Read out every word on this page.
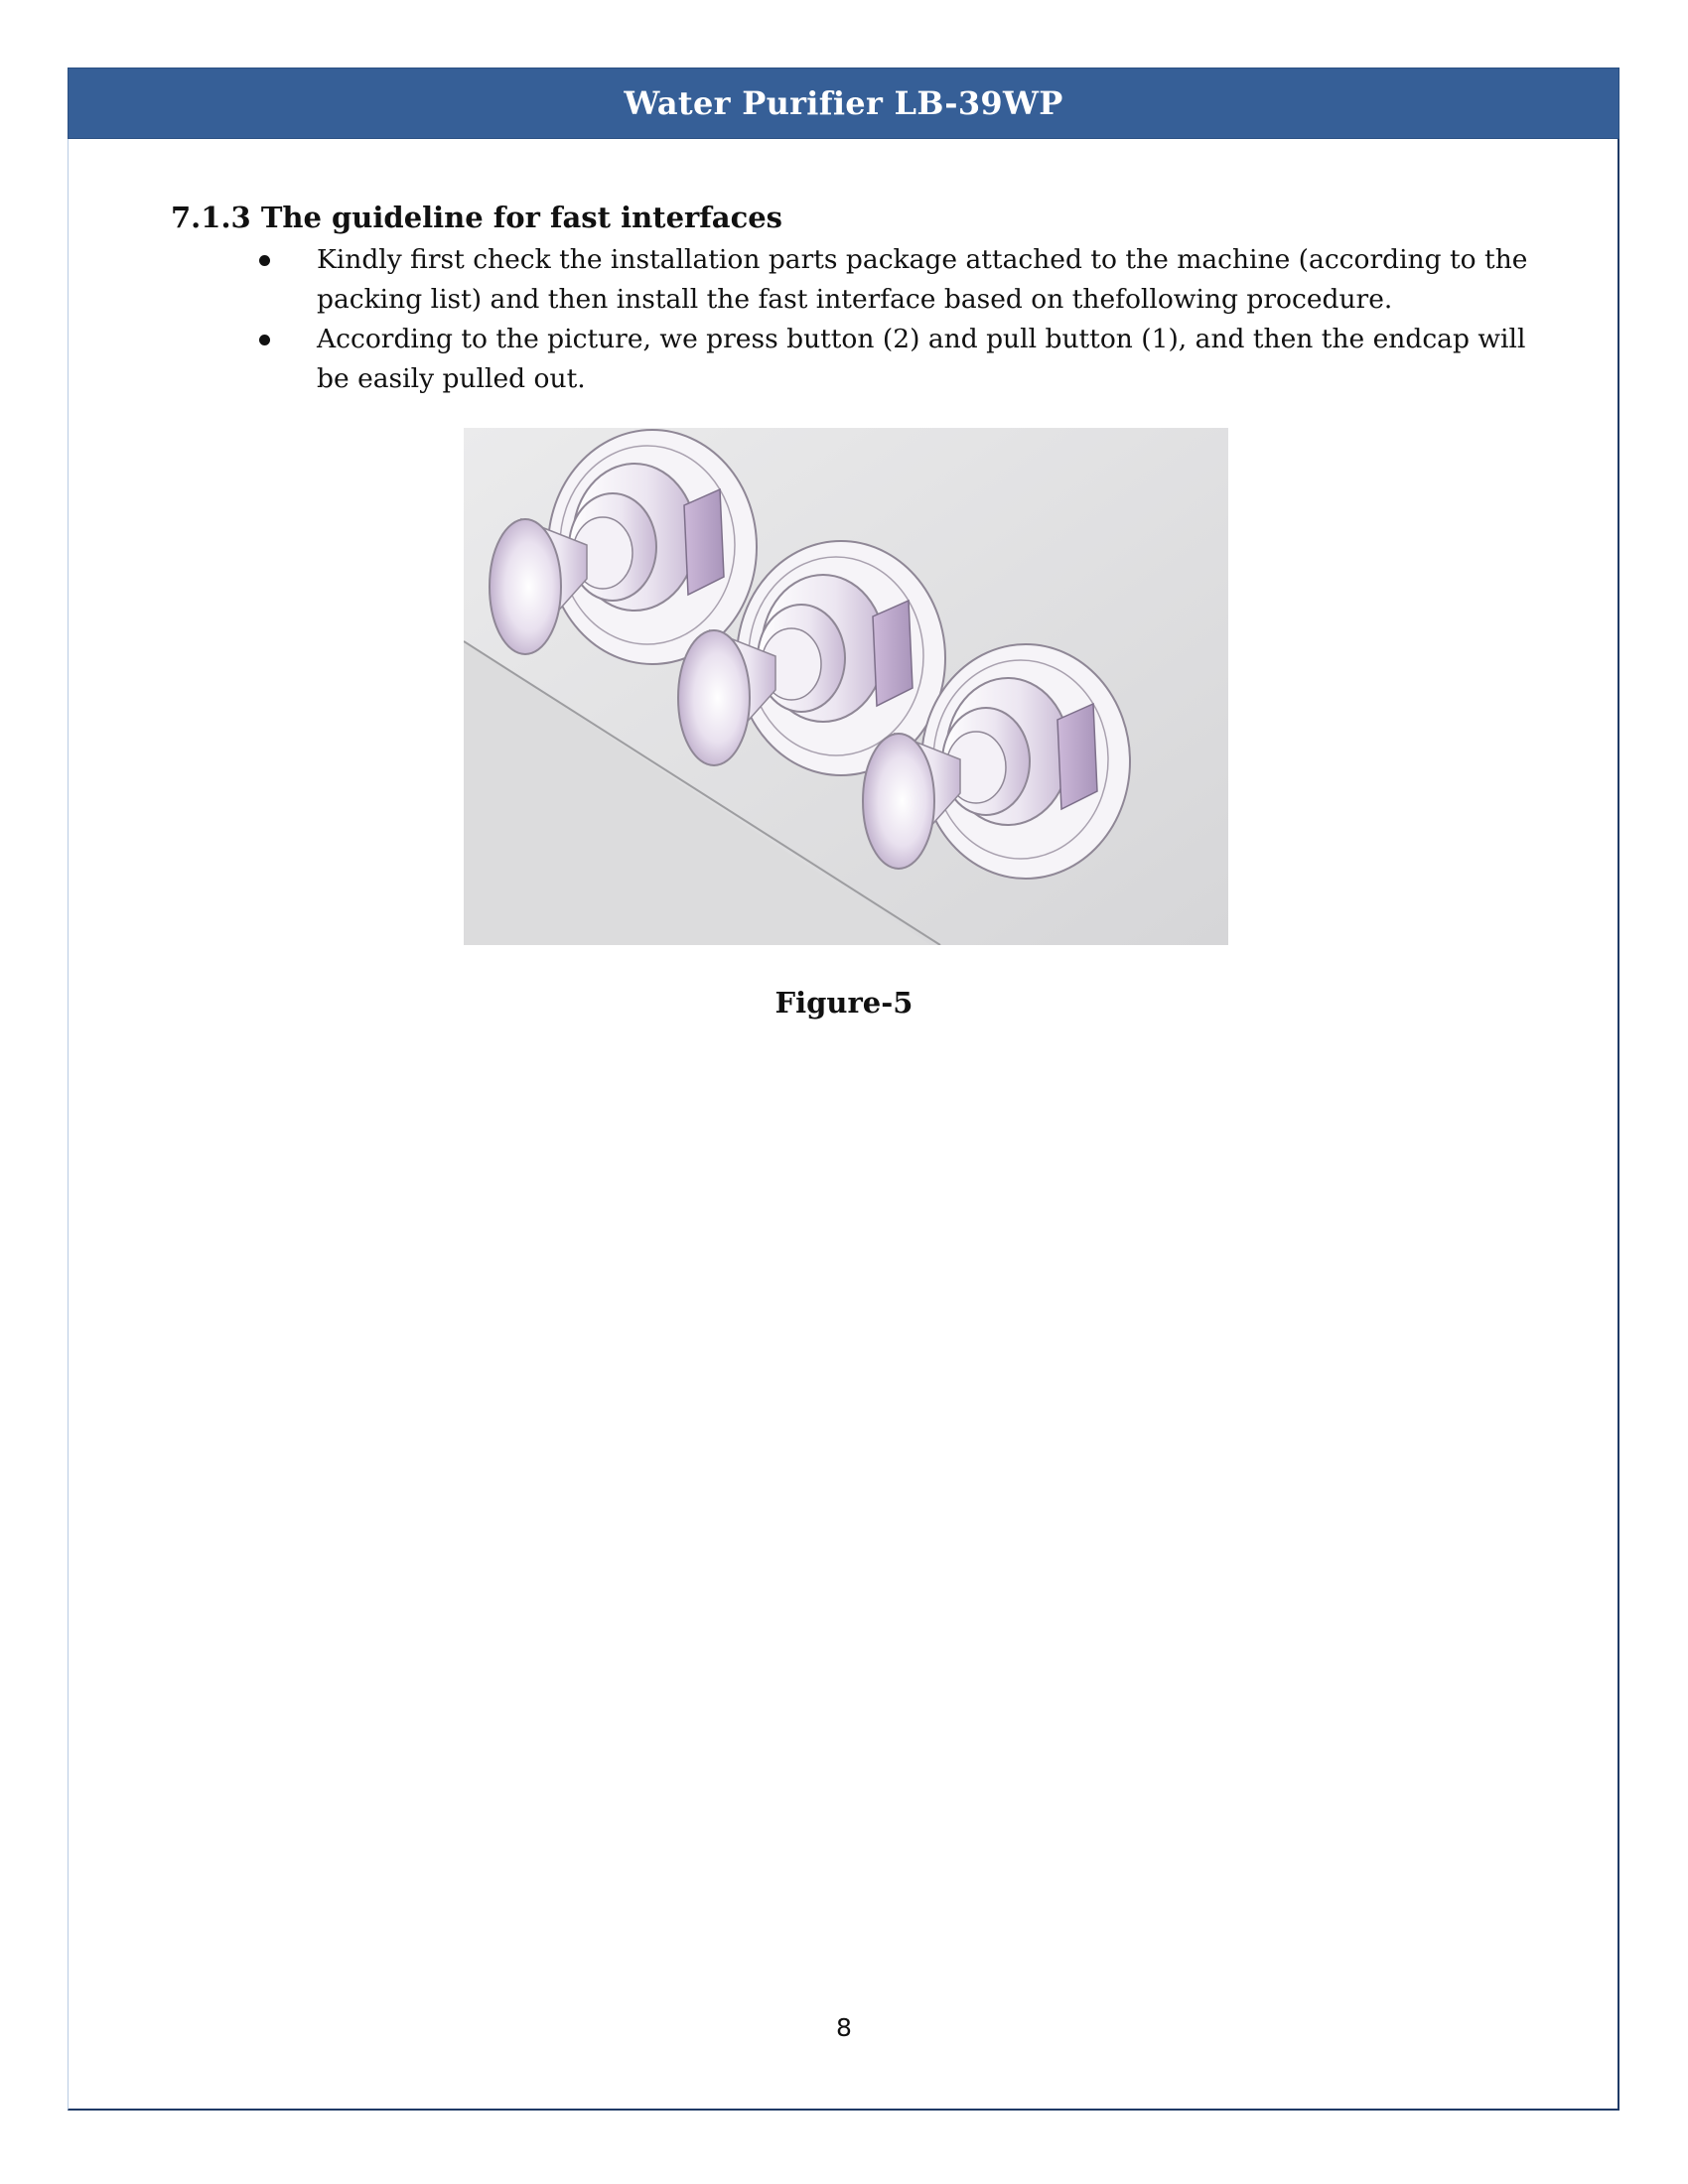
Water Purifier LB-39WP
7.1.3 The guideline for fast interfaces
Kindly first check the installation parts package attached to the machine (according to the packing list) and then install the fast interface based on thefollowing procedure.
According to the picture, we press button (2) and pull button (1), and then the endcap will be easily pulled out.
Figure-5
8
